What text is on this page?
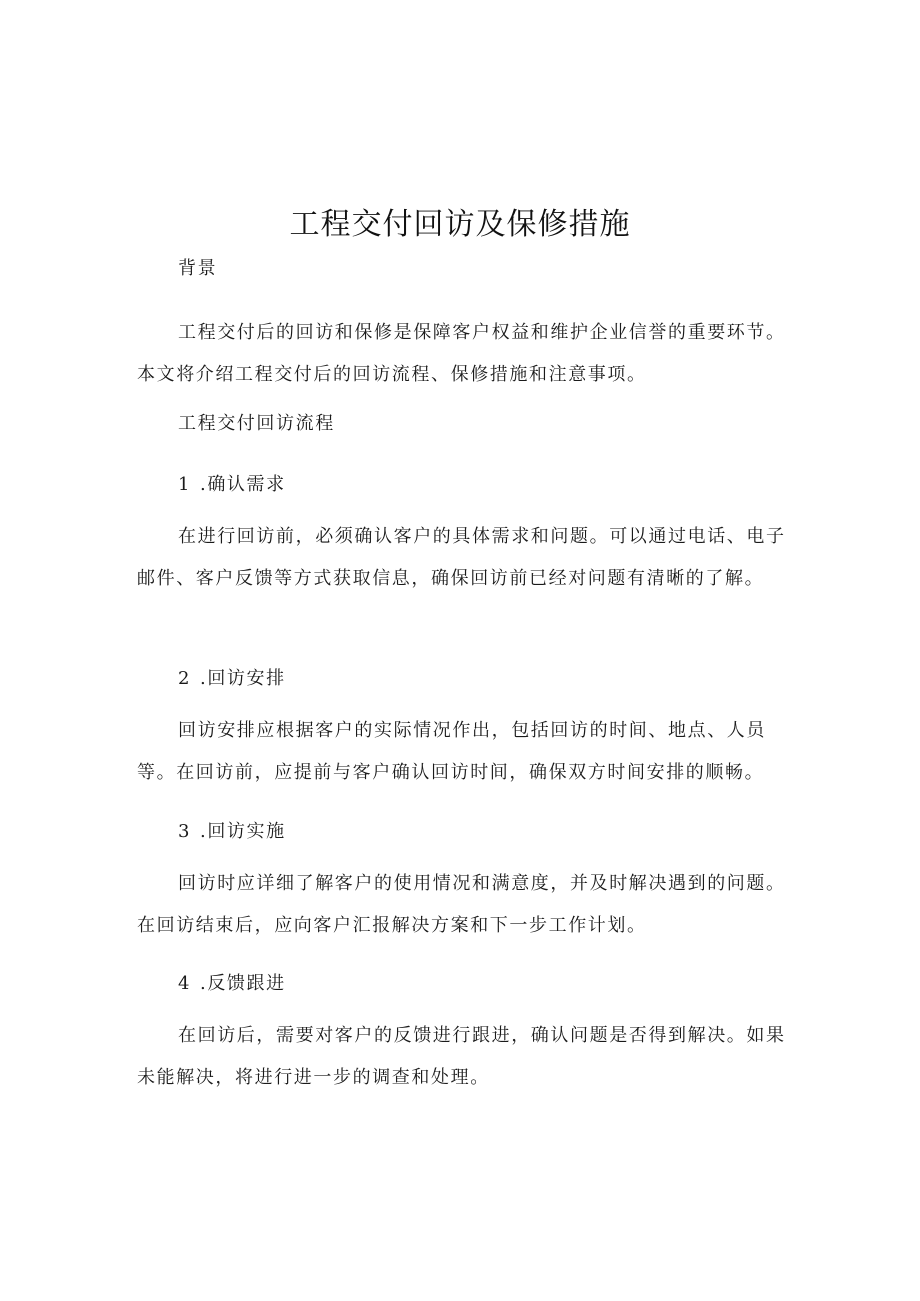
工程交付回访及保修措施

背景

工程交付后的回访和保修是保障客户权益和维护企业信誉的重要环节。本文将介绍工程交付后的回访流程、保修措施和注意事项。

工程交付回访流程

1 .确认需求

在进行回访前，必须确认客户的具体需求和问题。可以通过电话、电子邮件、客户反馈等方式获取信息，确保回访前已经对问题有清晰的了解。

2 .回访安排

回访安排应根据客户的实际情况作出，包括回访的时间、地点、人员等。在回访前，应提前与客户确认回访时间，确保双方时间安排的顺畅。

3 .回访实施

回访时应详细了解客户的使用情况和满意度，并及时解决遇到的问题。在回访结束后，应向客户汇报解决方案和下一步工作计划。

4 .反馈跟进

在回访后，需要对客户的反馈进行跟进，确认问题是否得到解决。如果未能解决，将进行进一步的调查和处理。
